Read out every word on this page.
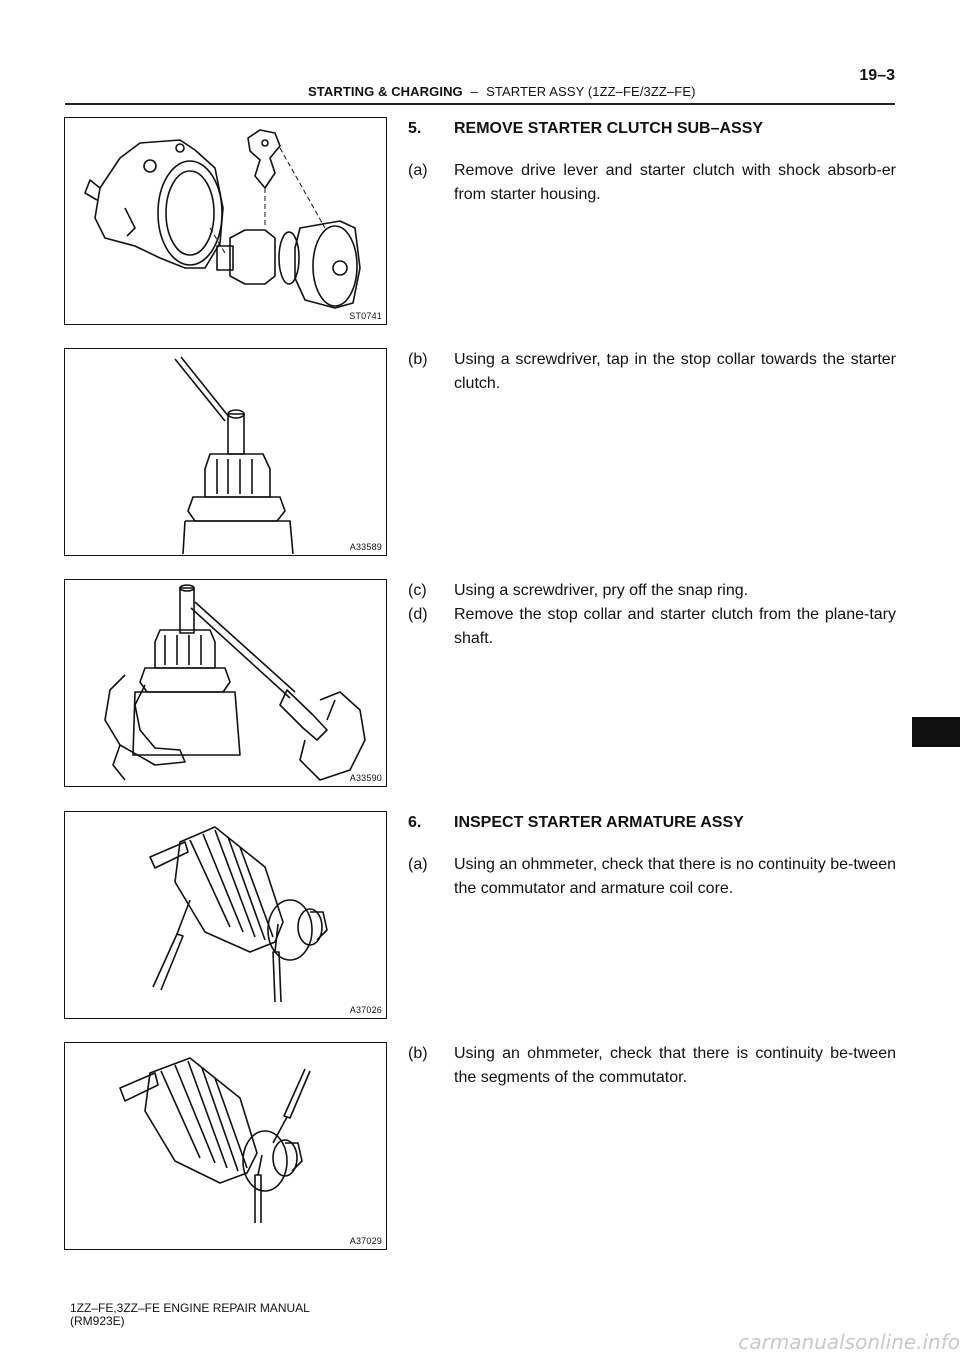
STARTING & CHARGING – STARTER ASSY (1ZZ–FE/3ZZ–FE)
19–3
ST0741
A33589
A33590
A37026
A37029
5. REMOVE STARTER CLUTCH SUB–ASSY
(a)	Remove drive lever and starter clutch with shock absorb-er from starter housing.
(b)	Using a screwdriver, tap in the stop collar towards the starter clutch.
(c)	Using a screwdriver, pry off the snap ring.
(d)	Remove the stop collar and starter clutch from the plane-tary shaft.
6. INSPECT STARTER ARMATURE ASSY
(a)	Using an ohmmeter, check that there is no continuity be-tween the commutator and armature coil core.
(b)	Using an ohmmeter, check that there is continuity be-tween the segments of the commutator.
1ZZ–FE,3ZZ–FE ENGINE REPAIR MANUAL
(RM923E)
carmanualsonline.info
